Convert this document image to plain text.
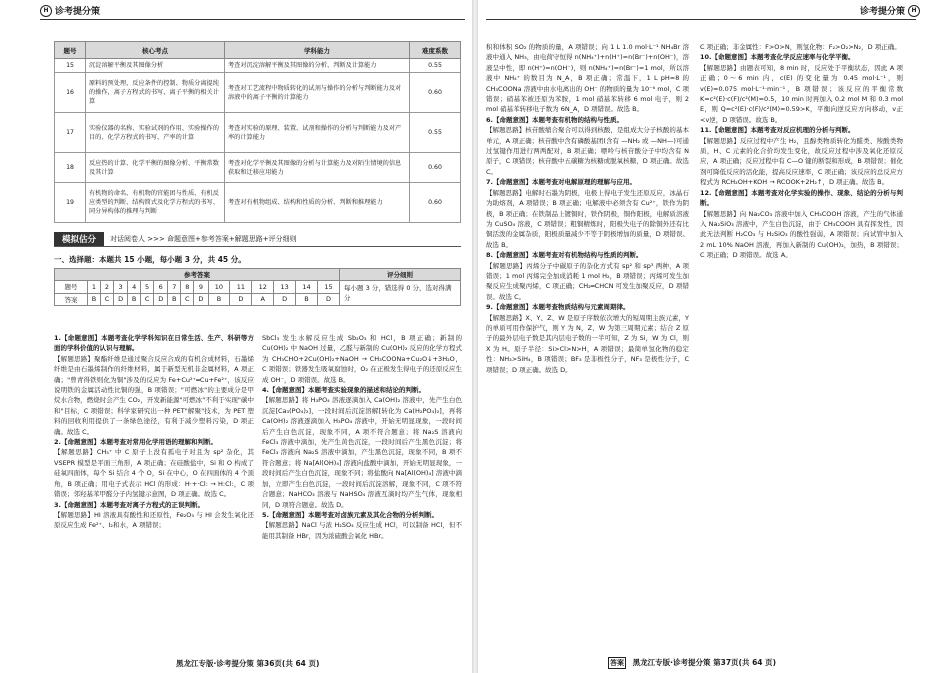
H 诊考提分策
题号	核心考点	学科能力	难度系数
15	沉淀溶解平衡及其图像分析	考查对沉淀溶解平衡及其图像的分析、判断及计算能力	0.55
16	原料的预处理，反应条件的控制、物质分离提纯的操作，离子方程式的书写，离子平衡的相关计算	考查对工艺流程中物质转化的试剂与操作的分析与判断能力及对溶液中的离子平衡的计算能力	0.60
17	实验仪器的名称、实验试剂的作用、实验操作的目的、化学方程式的书写、产率的计算	考查对实验的原理、装置、试剂和操作的分析与判断能力及对产率的计算能力	0.55
18	反应热的计算、化学平衡的图像分析、平衡常数及其计算	考查对化学平衡及其图像的分析与计算能力及对陌生情境的信息获取和迁移应用能力	0.60
19	有机物的命名、有机物的官能团与性质、有机反应类型的判断、结构简式及化学方程式的书写、同分异构体的推理与判断	考查对有机物组成、结构和性质的分析、判断和推理能力	0.60
模拟估分	对话阅卷人 >>> 命题意图+参考答案+解题思路+评分细则
一、选择题：本题共 15 小题，每小题 3 分，共 45 分。
参考答案																评分细则
题号	1	2	3	4	5	6	7	8	9	10	11	12	13	14	15	每小题 3 分，错选得 0 分，选对得满分
答案	B	C	D	B	C	D	B	C	D	B	D	A	D	B	D	

1.【命题意图】本题考查化学学科知识在日常生活、生产、科研等方面的学科价值的认识与理解。

【解题思路】聚酯纤维是通过聚合反应合成的有机合成材料，石墨烯纤维是由石墨烯制作的纤维材料，属于新型无机非金属材料，A 项正确；"曾青得铁则化为铜"涉及的反应为 Fe+Cu²⁺═Cu+Fe²⁺，该反应说明铁的金属活动性比铜的强，B 项错误；"可燃冰"的主要成分是甲烷水合物，燃烧时会产生 CO₂，开发新能源"可燃冰"不利于实现"碳中和"目标，C 项错误；科学家研究出一种 PET"解聚"技术，为 PET 塑料的回收利用提供了一条绿色途径，有利于减少塑料污染，D 项正确。故选 C。

2.【命题意图】本题考查对常用化学用语的理解和判断。

【解题思路】CH₃⁺ 中 C 原子上没有孤电子对且为 sp² 杂化，其 VSEPR 模型是平面三角形，A 项正确；在硅酸盐中，Si 和 O 构成了硅氧四面体，每个 Si 结合 4 个 O，Si 在中心，O 在四面体的 4 个顶角，B 项正确；用电子式表示 HCl 的形成：H·+·Cl: → H:Cl:，C 项错误；邻羟基苯甲醛分子内氢键示意图，D 项正确。故选 C。

3.【命题意图】本题考查对离子方程式的正误判断。

【解题思路】HI 溶液具有酸性和还原性，Fe₂O₃ 与 HI 会发生氧化还原反应生成 Fe²⁺、I₂和水，A 项错误；

SbCl₃ 发生水解反应生成 Sb₂O₃ 和 HCl，B 项正确；新制的 Cu(OH)₂ 中 NaOH 过量，乙醛与新制的 Cu(OH)₂ 反应的化学方程式为 CH₃CHO+2Cu(OH)₂+NaOH → CH₃COONa+Cu₂O↓+3H₂O，C 项错误；铁器发生吸氧腐蚀时，O₂ 在正极发生得电子的还原反应生成 OH⁻，D 项错误。故选 B。

4.【命题意图】本题考查实验现象的描述和结论的判断。

【解题思路】将 H₃PO₄ 溶液逐滴加入 Ca(OH)₂ 溶液中，先产生白色沉淀[Ca₃(PO₄)₂]，一段时间后沉淀溶解[转化为 Ca(H₂PO₄)₂]，再将 Ca(OH)₂ 溶液逐滴加入 H₃PO₄ 溶液中，开始无明显现象，一段时间后产生白色沉淀，现象不同，A 项不符合题意；将 Na₂S 溶液向 FeCl₃ 溶液中滴加，先产生黄色沉淀，一段时间后产生黑色沉淀；将 FeCl₃ 溶液向 Na₂S 溶液中滴加，产生黑色沉淀，现象不同，B 项不符合题意；将 Na[Al(OH)₄] 溶液向盐酸中滴加，开始无明显现象，一段时间后产生白色沉淀，现象不同；将盐酸向 Na[Al(OH)₄] 溶液中滴加，立即产生白色沉淀，一段时间后沉淀溶解，现象不同，C 项不符合题意；NaHCO₃ 溶液与 NaHSO₄ 溶液互滴时均产生气体，现象相同，D 项符合题意。故选 D。

5.【命题意图】本题考查对卤族元素及其化合物的分析判断。

【解题思路】NaCl 与浓 H₂SO₄ 反应生成 HCl，可以制备 HCl，但不能用其制备 HBr，因为浓硫酸会氧化 HBr。

黑龙江专版·诊考提分策 第36页(共 64 页)
诊考提分策	H

积和体积 SO₂ 的物质的量，A 项错误；向 1 L 1.0 mol·L⁻¹ NH₄Br 溶液中通入 NH₃，由电荷守恒得 n(NH₄⁺)+n(H⁺)=n(Br⁻)+n(OH⁻)，溶液呈中性，即 n(H⁺)=n(OH⁻)，则 n(NH₄⁺)=n(Br⁻)=1 mol，所以溶液中 NH₄⁺ 的数目为 N_A，B 项正确；常温下，1 L pH=8 的 CH₃COONa 溶液中由水电离出的 OH⁻ 的物质的量为 10⁻⁶ mol，C 项错误；硝基苯被还原为苯胺，1 mol 硝基苯转移 6 mol 电子，则 2 mol 硝基苯转移电子数为 6N_A，D 项错误。故选 B。

6.【命题意图】本题考查有机物的结构与性质。

【解题思路】核苷酸缩合聚合可以得到核酸，是组成大分子核酸的基本单元，A 项正确；核苷酸中含有磷酸基团(含有 —NH₂ 或 —NH—)可通过氢键作用进行两两配对，B 项正确；嘌呤与核苷酸分子中均含有 N 原子，C 项错误；核苷酸中五碳糖为核糖或脱氧核糖，D 项正确。故选 C。

7.【命题意图】本题考查对电解原理的理解与应用。

【解题思路】电解时石墨为阴极，电极上得电子发生还原反应，冰晶石为助熔剂，A 项错误；B 项正确；电解液中必须含有 Cu²⁺，铁作为阴极，B 项正确；在铁制品上镀铜时，铁作阴极，铜作阳极，电解质溶液为 CuSO₄ 溶液，C 项错误；粗铜精炼时，阳极失电子的除铜外还有比铜活泼的金属杂质，阳极质量减少不等于阴极增加的质量，D 项错误。故选 B。

8.【命题意图】本题考查对有机物结构与性质的判断。

【解题思路】丙烯分子中碳原子的杂化方式有 sp² 和 sp³ 两种，A 项错误；1 mol 丙烯完全加成消耗 1 mol H₂，B 项错误；丙烯可发生加聚反应生成聚丙烯，C 项正确；CH₂═CHCN 可发生加聚反应，D 项错误。故选 C。

9.【命题意图】本题考查物质结构与元素周期律。

【解题思路】X、Y、Z、W 是原子序数依次增大的短周期主族元素，Y 的单质可用作保护气，则 Y 为 N，Z、W 为第三周期元素；结合 Z 原子的最外层电子数是其内层电子数的一半可知，Z 为 Si，W 为 Cl，则 X 为 H。原子半径：Si>Cl>N>H，A 项错误；最简单氢化物的稳定性：NH₃>SiH₄，B 项错误；BF₃ 是非极性分子，NF₃ 是极性分子，C 项错误；D 项正确。故选 D。

C 项正确；非金属性：F>O>N，则氢化物：F₂>O₂>N₂，D 项正确。

10.【命题意图】本题考查化学反应速率与化学平衡。

【解题思路】由题表可知，8 min 时，反应处于平衡状态，因此 A 项正确；0～6 min 内，c(E) 的变化量为 0.45 mol·L⁻¹，则 v(E)=0.075 mol·L⁻¹·min⁻¹，B 项错误；该反应的平衡常数 K=c²(E)·c(F)/c²(M)=0.5，10 min 时再加入 0.2 mol M 和 0.3 mol E，则 Q=c²(E)·c(F)/c²(M)=0.59>K，平衡向逆反应方向移动，v正<v逆，D 项错误。故选 B。

11.【命题意图】本题考查对反应机理的分析与判断。

【解题思路】反应过程中产生 H₂，且醇类物质转化为醛类、羧酸类物质，H、C 元素的化合价均发生变化，故反应过程中涉及氧化还原反应，A 项正确；反应过程中有 C—O 键的断裂和形成，B 项错误；催化剂可降低反应的活化能，提高反应速率，C 项正确；该反应的总反应方程式为 RCH₂OH+KOH → RCOOK+2H₂↑，D 项正确。故选 B。

12.【命题意图】本题考查对化学实验的操作、现象、结论的分析与判断。

【解题思路】向 Na₂CO₃ 溶液中加入 CH₃COOH 溶液，产生的气体通入 Na₂SiO₃ 溶液中，产生白色沉淀，由于 CH₃COOH 具有挥发性，因此无法判断 H₂CO₃ 与 H₂SiO₃ 的酸性强弱，A 项错误；向试管中加入 2 mL 10% NaOH 溶液，再加入新制的 Cu(OH)₂，加热，B 项错误；C 项正确；D 项错误。故选 A。

答案 黑龙江专版·诊考提分策 第37页(共 64 页)
